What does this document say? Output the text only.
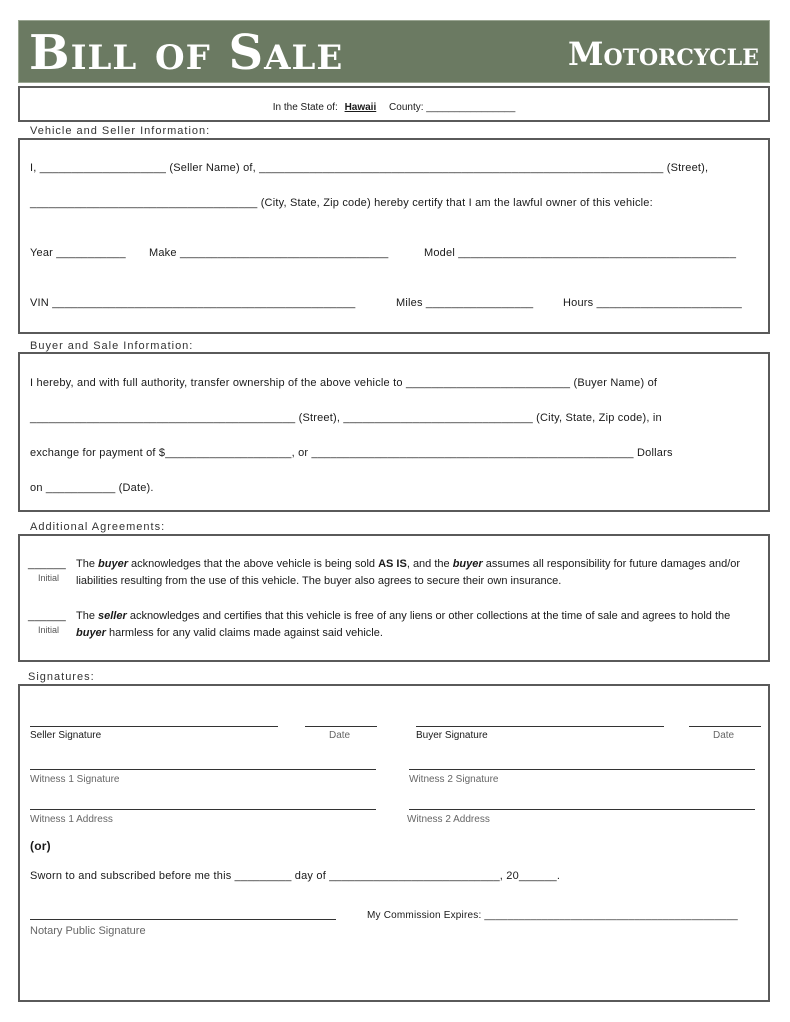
Bill of Sale	Motorcycle
In the State of: Hawaii County: ________________
Vehicle and Seller Information:
I, ____________________ (Seller Name) of, ________________________________________________________________ (Street),
____________________________________ (City, State, Zip code) hereby certify that I am the lawful owner of this vehicle:
Year ___________ Make _________________________________	Model ____________________________________________
VIN ________________________________________________	Miles _________________	Hours _______________________
Buyer and Sale Information:
I hereby, and with full authority, transfer ownership of the above vehicle to __________________________ (Buyer Name) of
__________________________________________ (Street), ______________________________ (City, State, Zip code), in
exchange for payment of $____________________, or ___________________________________________________ Dollars
on ___________ (Date).
Additional Agreements:
______
Initial
The buyer acknowledges that the above vehicle is being sold AS IS, and the buyer assumes all responsibility for future damages and/or liabilities resulting from the use of this vehicle. The buyer also agrees to secure their own insurance.
______
Initial
The seller acknowledges and certifies that this vehicle is free of any liens or other collections at the time of sale and agrees to hold the buyer harmless for any valid claims made against said vehicle.
Signatures:
Seller Signature	Date	Buyer Signature	Date
Witness 1 Signature	Witness 2 Signature
Witness 1 Address	Witness 2 Address
(or)
Sworn to and subscribed before me this _________ day of ___________________________, 20______.
My Commission Expires: ____________________________________________
Notary Public Signature
